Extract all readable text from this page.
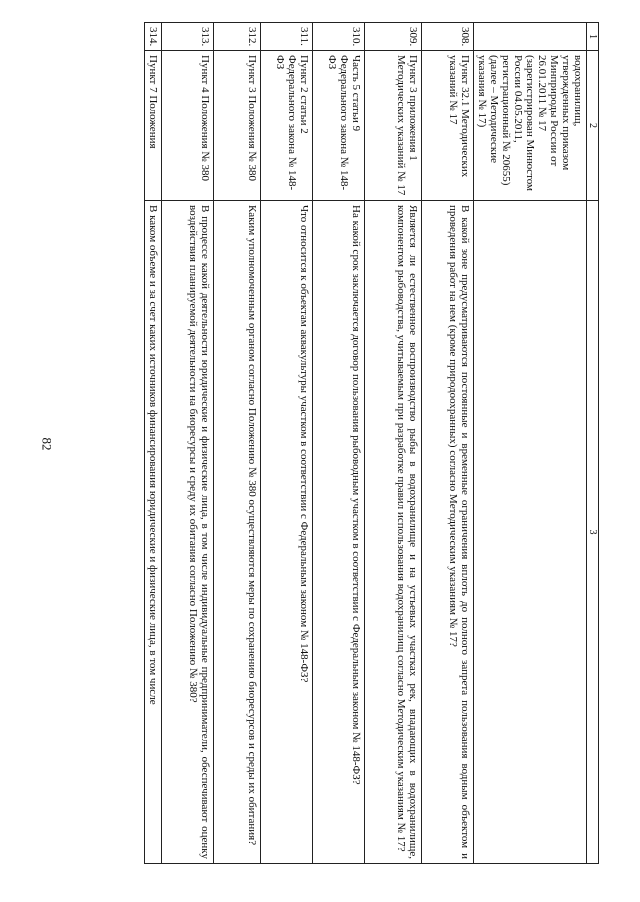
82
1	2	3
	водохранилищ, утвержденных приказом Минприроды России от 26.01.2011 № 17 (зарегистрирован Минюстом России 04.05.2011, регистрационный № 20655) (далее – Методические указания № 17)	
308.	Пункт 32.1 Методических указаний № 17	В какой зоне предусматриваются постоянные и временные ограничения вплоть до полного запрета пользования водным объектом и проведения работ на нем (кроме природоохранных) согласно Методическим указаниям № 17?
309.	Пункт 3 приложения 1 Методических указаний № 17	Является ли естественное воспроизводство рыбы в водохранилище и на устьевых участках рек, впадающих в водохранилище, компонентом рыбоводства, учитываемым при разработке правил использования водохранилищ согласно Методическим указаниям № 17?
310.	Часть 5 статьи 9 Федерального закона № 148-ФЗ	На какой срок заключается договор пользования рыбоводным участком в соответствии с Федеральным законом № 148-ФЗ?
311.	Пункт 2 статьи 2 Федерального закона № 148-ФЗ	Что относится к объектам аквакультуры участком в соответствии с Федеральным законом № 148-ФЗ?
312.	Пункт 3 Положения № 380	Каким уполномоченным органом согласно Положению № 380 осуществляются меры по сохранению биоресурсов и среды их обитания?
313.	Пункт 4 Положения № 380	В процессе какой деятельности юридические и физические лица, в том числе индивидуальные предприниматели, обеспечивают оценку воздействия планируемой деятельности на биоресурсы и среду их обитания согласно Положению № 380?
314.	Пункт 7 Положения	В каком объеме и за счет каких источников финансирования юридические и физические лица, в том числе
